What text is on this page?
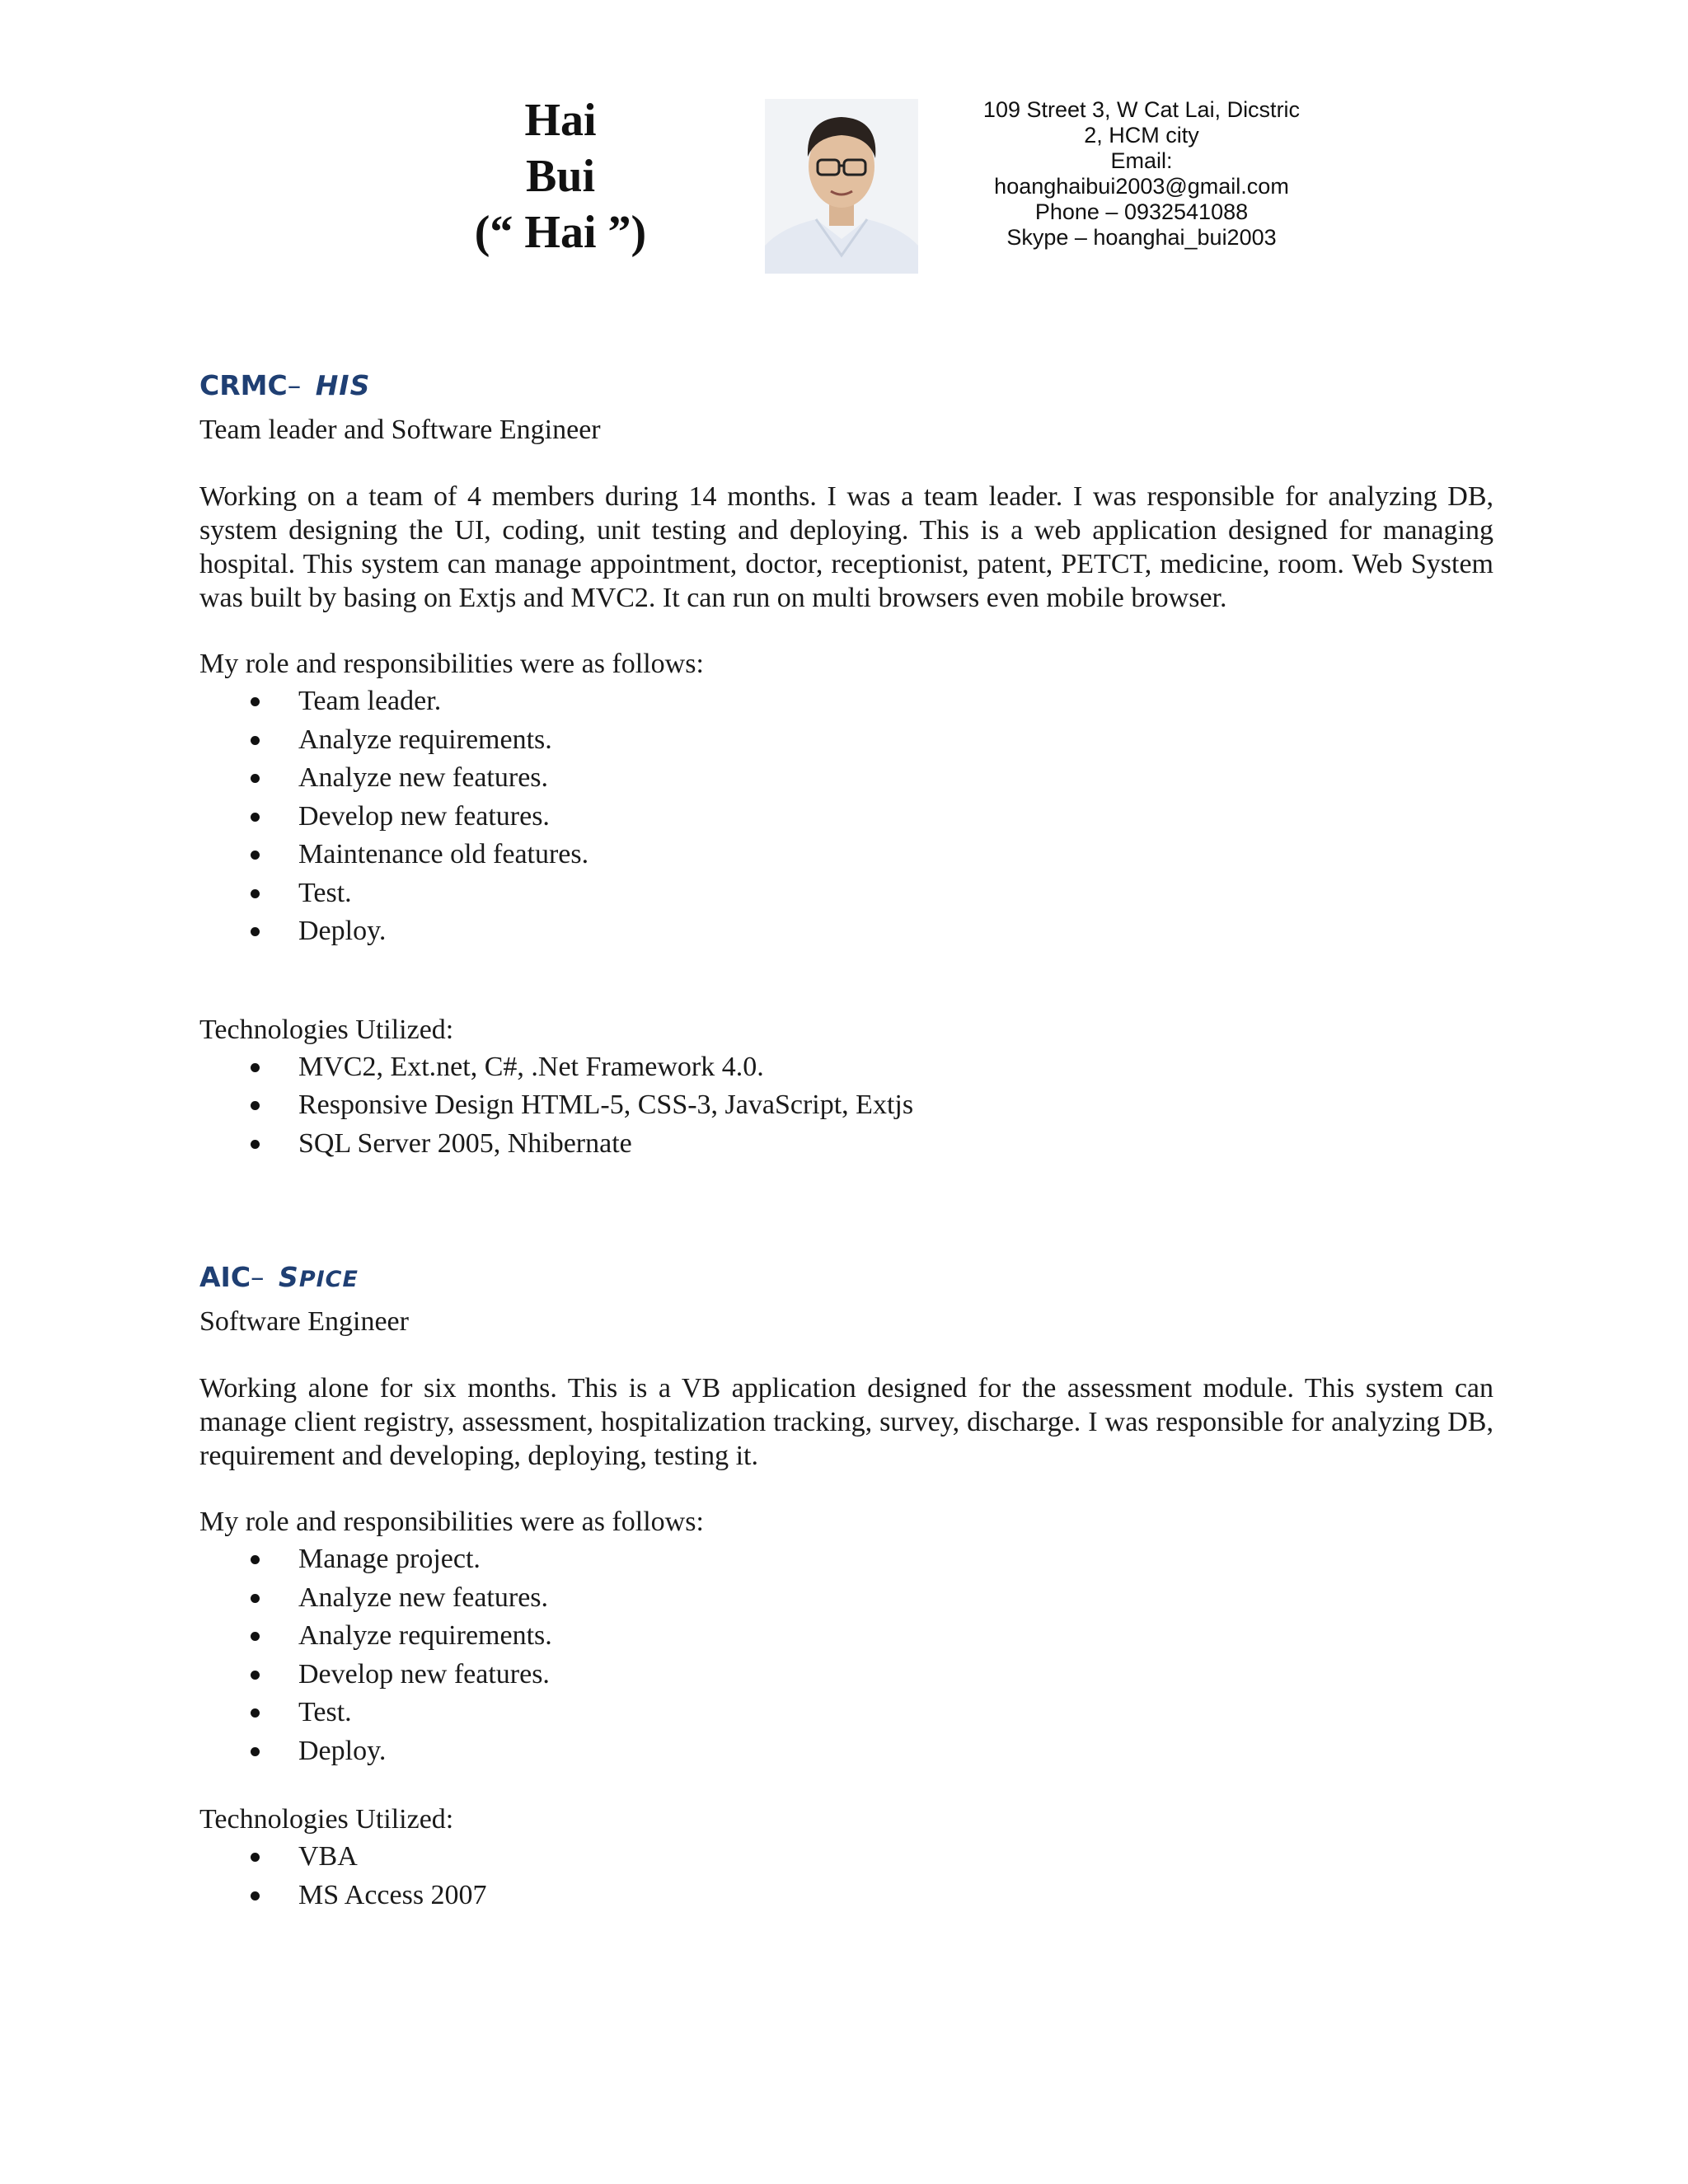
Hai
Bui
(“ Hai ”)
109 Street 3, W Cat Lai, Dicstric
2, HCM city
Email:
hoanghaibui2003@gmail.com
Phone – 0932541088
Skype – hoanghai_bui2003
CRMC– HIS

Team leader and Software Engineer

Working on a team of 4 members during 14 months. I was a team leader. I was responsible for analyzing DB, system designing the UI, coding, unit testing and deploying. This is a web application designed for managing hospital. This system can manage appointment, doctor, receptionist, patent, PETCT, medicine, room. Web System was built by basing on Extjs and MVC2. It can run on multi browsers even mobile browser.

My role and responsibilities were as follows:

Team leader.
Analyze requirements.
Analyze new features.
Develop new features.
Maintenance old features.
Test.
Deploy.

Technologies Utilized:

MVC2, Ext.net, C#, .Net Framework 4.0.
Responsive Design HTML-5, CSS-3, JavaScript, Extjs
SQL Server 2005, Nhibernate
AIC– SPICE

Software Engineer

Working alone for six months. This is a VB application designed for the assessment module. This system can manage client registry, assessment, hospitalization tracking, survey, discharge. I was responsible for analyzing DB, requirement and developing, deploying, testing it.

My role and responsibilities were as follows:

Manage project.
Analyze new features.
Analyze requirements.
Develop new features.
Test.
Deploy.

Technologies Utilized:

VBA
MS Access 2007
